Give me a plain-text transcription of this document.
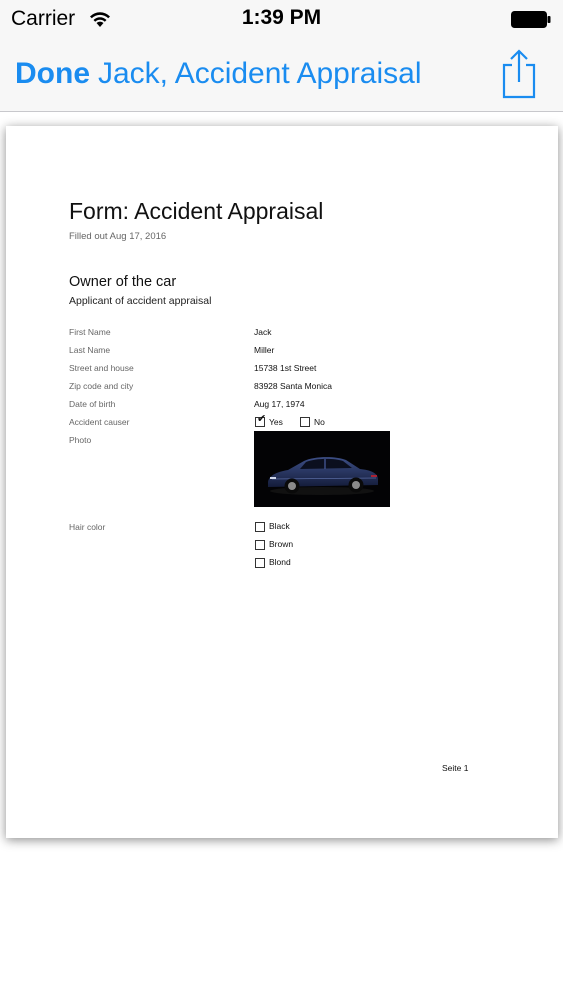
Carrier	1:39 PM
Done Jack, Accident Appraisal
Form: Accident Appraisal
Filled out Aug 17, 2016
Owner of the car
Applicant of accident appraisal
First Name	Jack
Last Name	Miller
Street and house	15738 1st Street
Zip code and city	83928 Santa Monica
Date of birth	Aug 17, 1974
Accident causer	✔ Yes	No
Photo
Hair color	Black
Brown
Blond
Seite 1
